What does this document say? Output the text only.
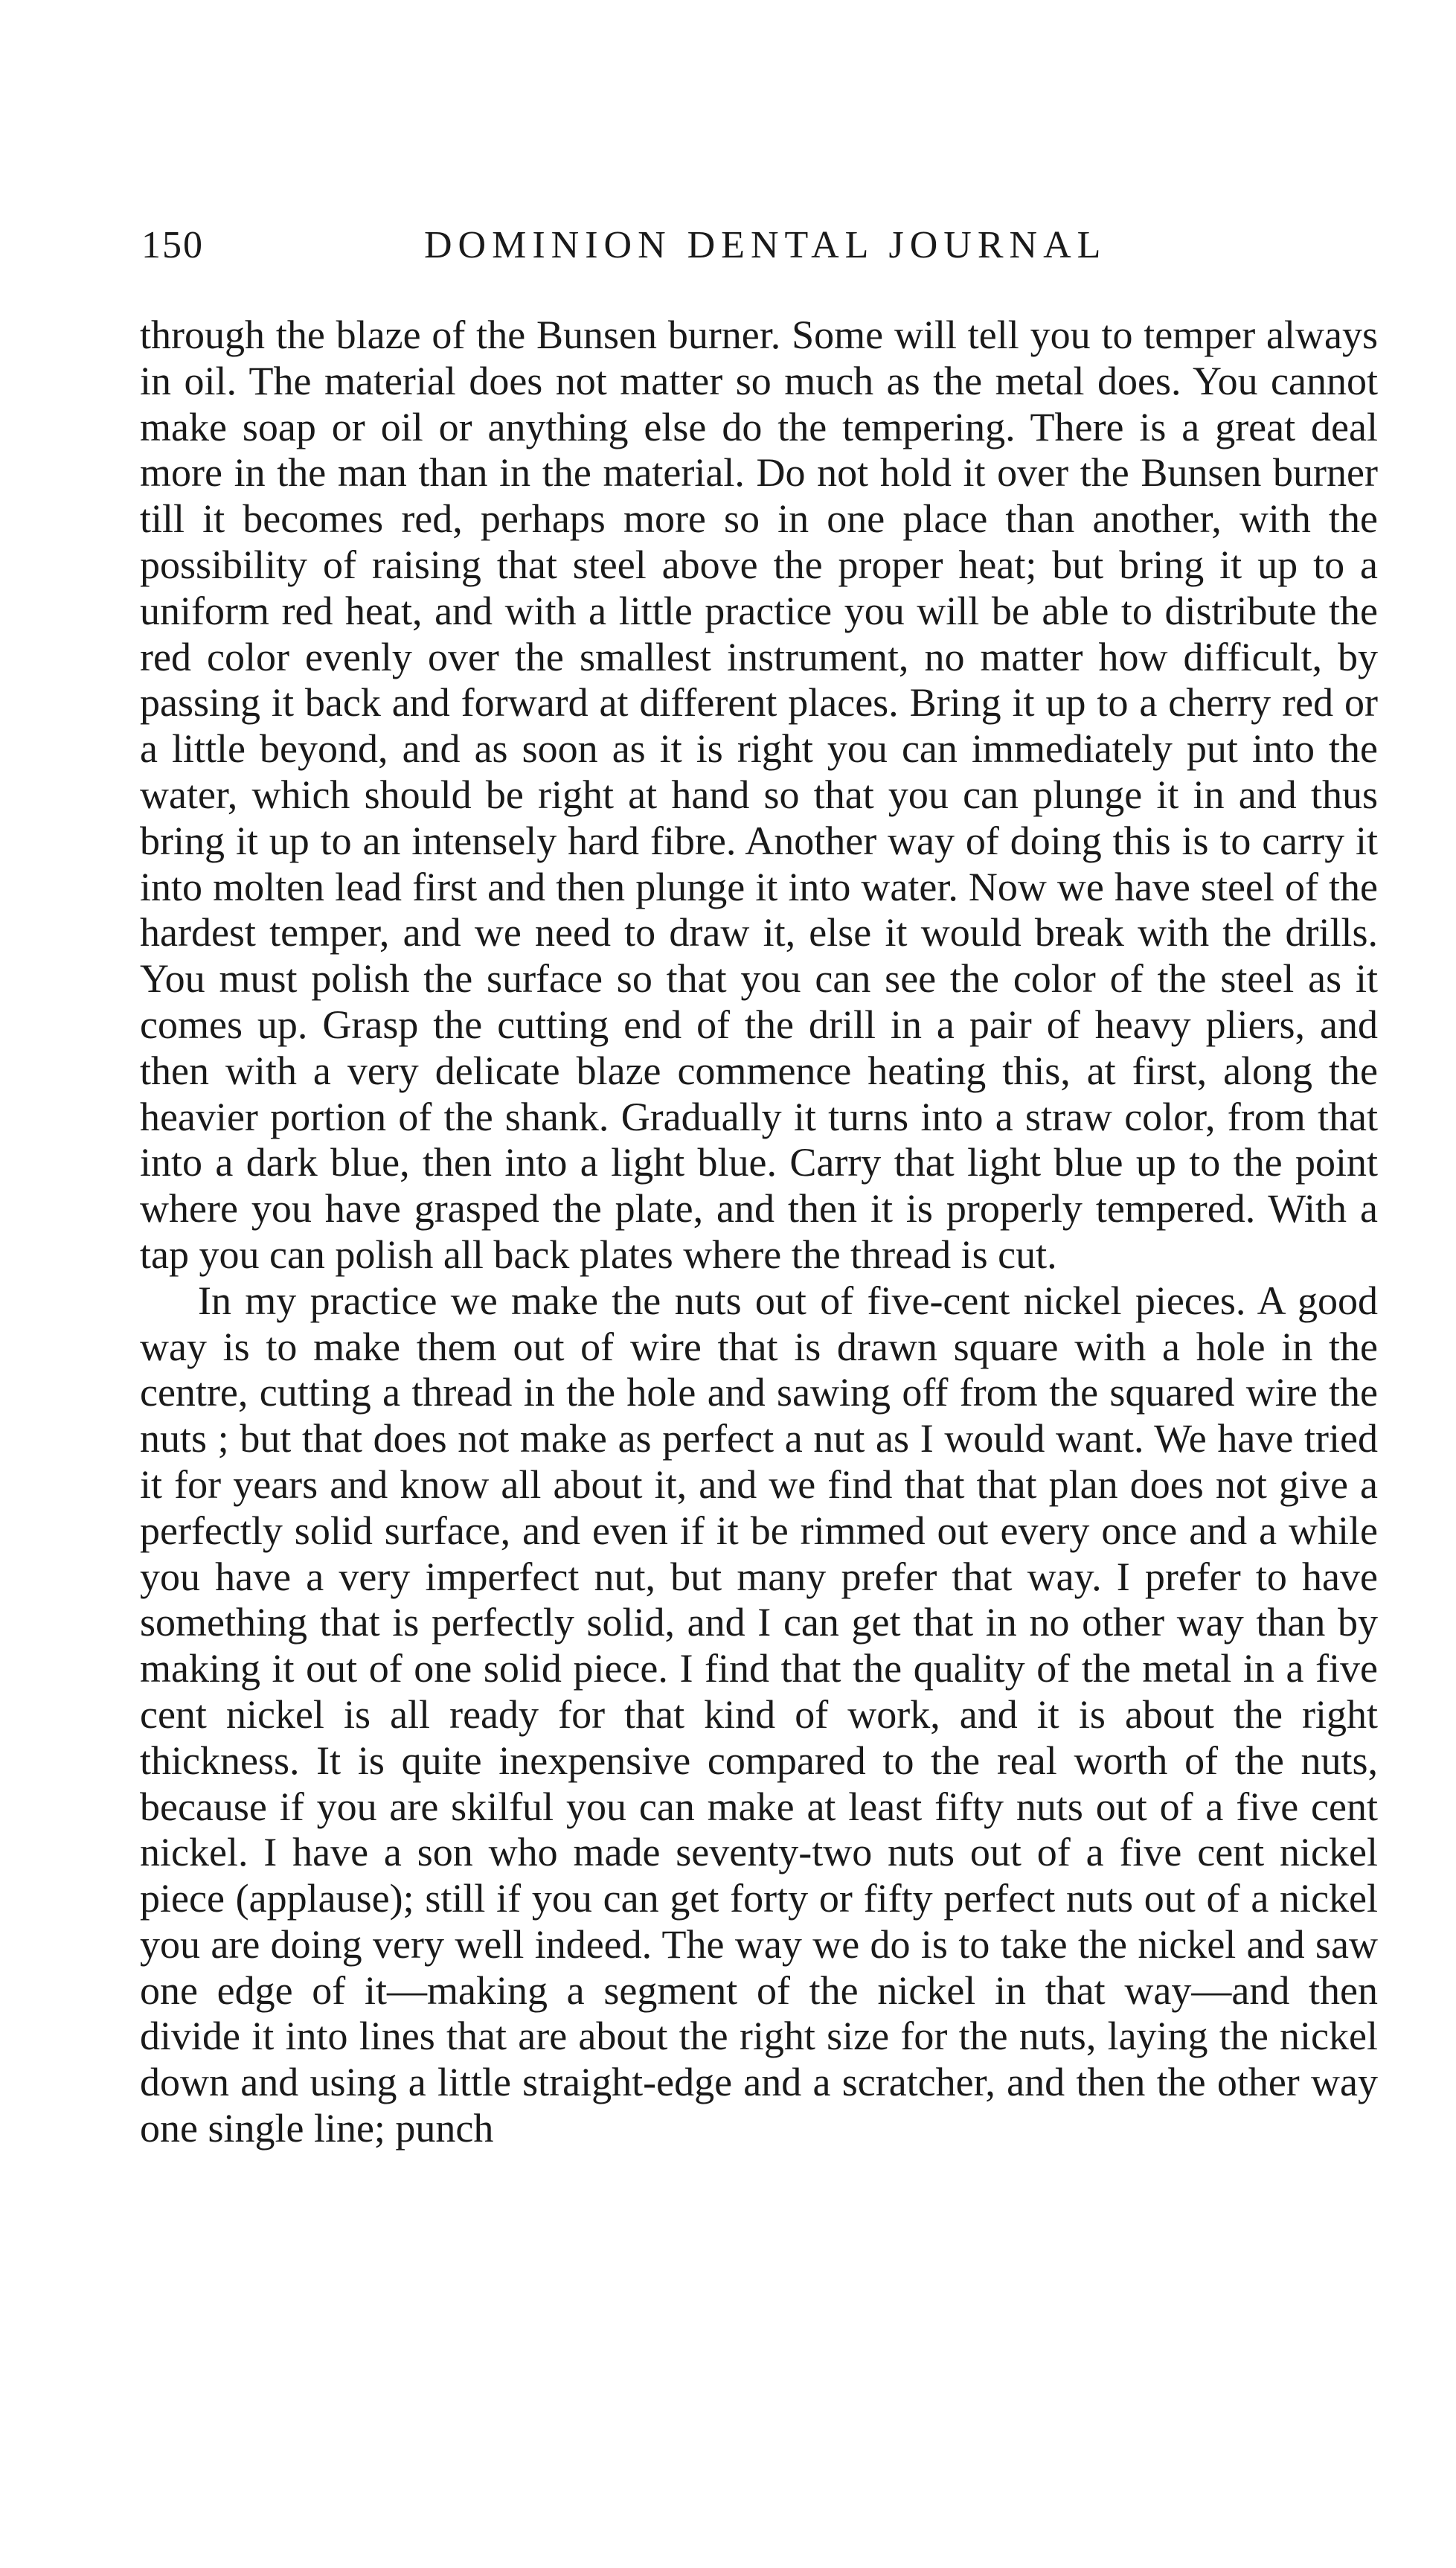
150	DOMINION DENTAL JOURNAL

through the blaze of the Bunsen burner. Some will tell you to temper always in oil. The material does not matter so much as the metal does. You cannot make soap or oil or anything else do the tempering. There is a great deal more in the man than in the material. Do not hold it over the Bunsen burner till it becomes red, perhaps more so in one place than another, with the possibility of raising that steel above the proper heat; but bring it up to a uniform red heat, and with a little practice you will be able to distribute the red color evenly over the smallest instrument, no matter how difficult, by passing it back and forward at different places. Bring it up to a cherry red or a little beyond, and as soon as it is right you can immediately put into the water, which should be right at hand so that you can plunge it in and thus bring it up to an intensely hard fibre. Another way of doing this is to carry it into molten lead first and then plunge it into water. Now we have steel of the hardest temper, and we need to draw it, else it would break with the drills. You must polish the surface so that you can see the color of the steel as it comes up. Grasp the cutting end of the drill in a pair of heavy pliers, and then with a very delicate blaze commence heating this, at first, along the heavier portion of the shank. Gradually it turns into a straw color, from that into a dark blue, then into a light blue. Carry that light blue up to the point where you have grasped the plate, and then it is properly tempered. With a tap you can polish all back plates where the thread is cut.

In my practice we make the nuts out of five-cent nickel pieces. A good way is to make them out of wire that is drawn square with a hole in the centre, cutting a thread in the hole and sawing off from the squared wire the nuts ; but that does not make as perfect a nut as I would want. We have tried it for years and know all about it, and we find that that plan does not give a perfectly solid surface, and even if it be rimmed out every once and a while you have a very imperfect nut, but many prefer that way. I prefer to have something that is perfectly solid, and I can get that in no other way than by making it out of one solid piece. I find that the quality of the metal in a five cent nickel is all ready for that kind of work, and it is about the right thickness. It is quite inexpensive compared to the real worth of the nuts, because if you are skilful you can make at least fifty nuts out of a five cent nickel. I have a son who made seventy-two nuts out of a five cent nickel piece (applause); still if you can get forty or fifty perfect nuts out of a nickel you are doing very well indeed. The way we do is to take the nickel and saw one edge of it—making a segment of the nickel in that way—and then divide it into lines that are about the right size for the nuts, laying the nickel down and using a little straight-edge and a scratcher, and then the other way one single line; punch
